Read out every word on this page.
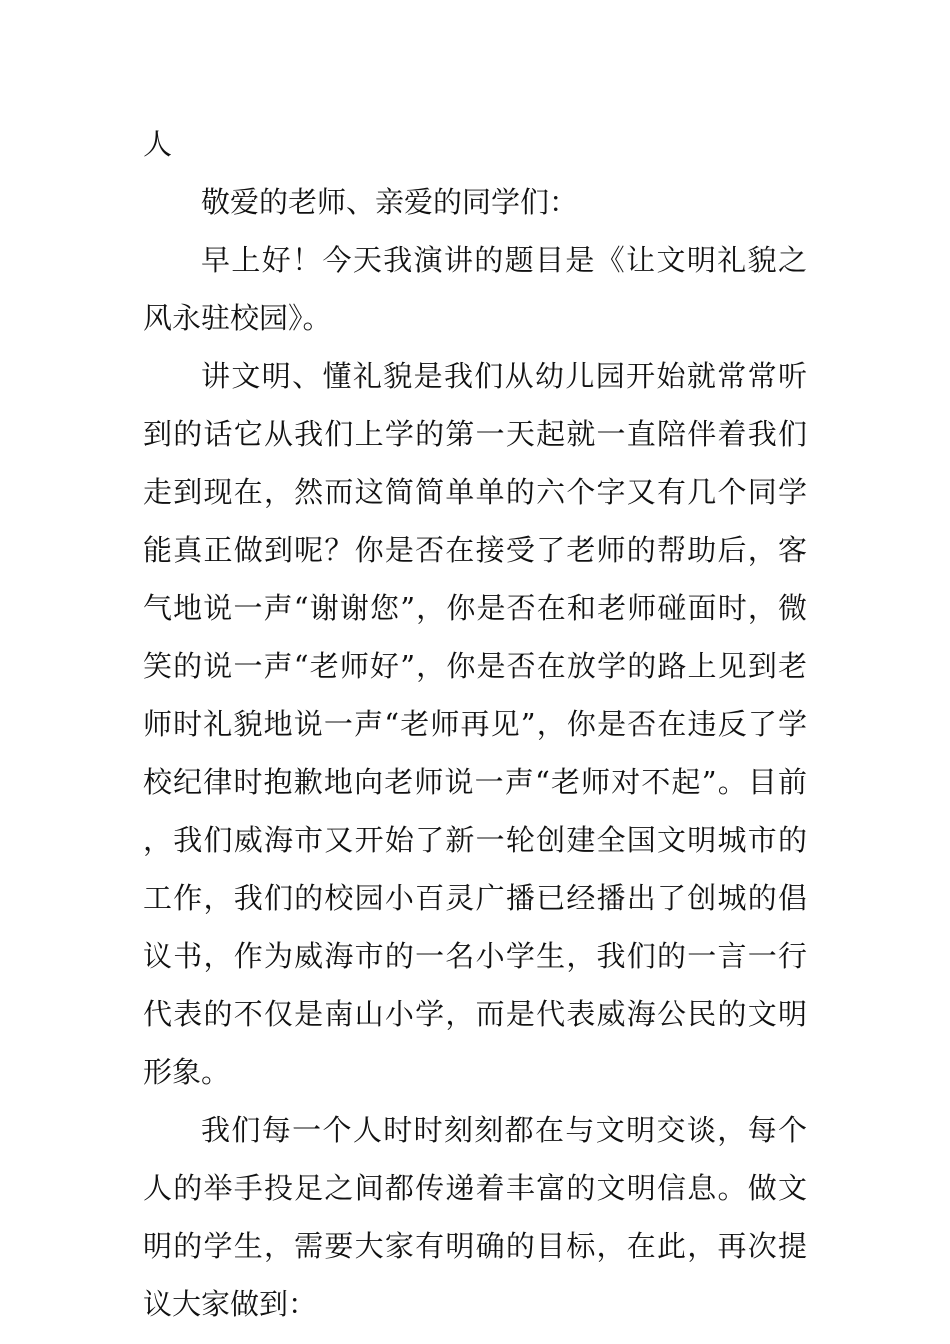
人

敬爱的老师、亲爱的同学们：

早上好！今天我演讲的题目是《让文明礼貌之风永驻校园》。

讲文明、懂礼貌是我们从幼儿园开始就常常听到的话它从我们上学的第一天起就一直陪伴着我们走到现在，然而这简简单单的六个字又有几个同学能真正做到呢？你是否在接受了老师的帮助后，客气地说一声“谢谢您”，你是否在和老师碰面时，微笑的说一声“老师好”，你是否在放学的路上见到老师时礼貌地说一声“老师再见”，你是否在违反了学校纪律时抱歉地向老师说一声“老师对不起”。目前，我们威海市又开始了新一轮创建全国文明城市的工作，我们的校园小百灵广播已经播出了创城的倡议书，作为威海市的一名小学生，我们的一言一行代表的不仅是南山小学，而是代表威海公民的文明形象。

我们每一个人时时刻刻都在与文明交谈，每个人的举手投足之间都传递着丰富的文明信息。做文明的学生，需要大家有明确的目标，在此，再次提议大家做到：
